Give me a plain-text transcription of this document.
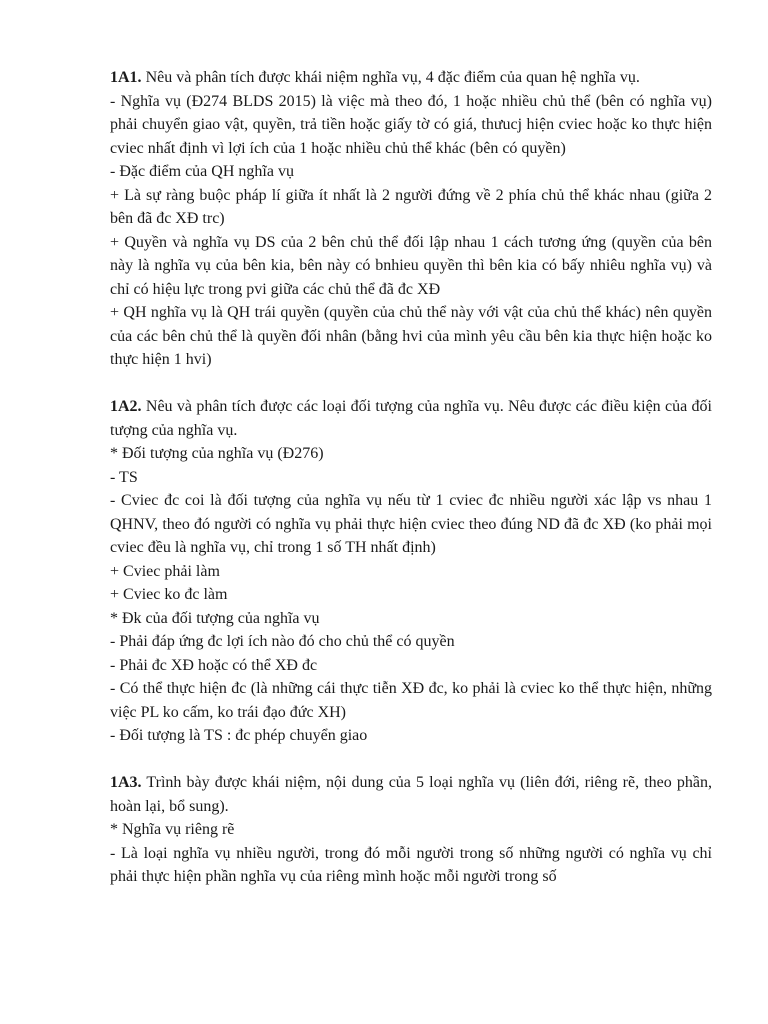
1A1. Nêu và phân tích được khái niệm nghĩa vụ, 4 đặc điểm của quan hệ nghĩa vụ.

- Nghĩa vụ (Đ274 BLDS 2015) là việc mà theo đó, 1 hoặc nhiều chủ thể (bên có nghĩa vụ) phải chuyển giao vật, quyền, trả tiền hoặc giấy tờ có giá, thưucj hiện cviec hoặc ko thực hiện cviec nhất định vì lợi ích của 1 hoặc nhiều chủ thể khác (bên có quyền)

- Đặc điểm của QH nghĩa vụ

+ Là sự ràng buộc pháp lí giữa ít nhất là 2 người đứng về 2 phía chủ thể khác nhau (giữa 2 bên đã đc XĐ trc)

+ Quyền và nghĩa vụ DS của 2 bên chủ thể đối lập nhau 1 cách tương ứng (quyền của bên này là nghĩa vụ của bên kia, bên này có bnhieu quyền thì bên kia có bấy nhiêu nghĩa vụ) và chỉ có hiệu lực trong pvi giữa các chủ thể đã đc XĐ

+ QH nghĩa vụ là QH trái quyền (quyền của chủ thể này với vật của chủ thể khác) nên quyền của các bên chủ thể là quyền đối nhân (bằng hvi của mình yêu cầu bên kia thực hiện hoặc ko thực hiện 1 hvi)

1A2. Nêu và phân tích được các loại đối tượng của nghĩa vụ. Nêu được các điều kiện của đối tượng của nghĩa vụ.

* Đối tượng của nghĩa vụ (Đ276)

- TS

- Cviec đc coi là đối tượng của nghĩa vụ nếu từ 1 cviec đc nhiều người xác lập vs nhau 1 QHNV, theo đó người có nghĩa vụ phải thực hiện cviec theo đúng ND đã đc XĐ (ko phải mọi cviec đều là nghĩa vụ, chỉ trong 1 số TH nhất định)

+ Cviec phải làm

+ Cviec ko đc làm

* Đk của đối tượng của nghĩa vụ

- Phải đáp ứng đc lợi ích nào đó cho chủ thể có quyền

- Phải đc XĐ hoặc có thể XĐ đc

- Có thể thực hiện đc (là những cái thực tiễn XĐ đc, ko phải là cviec ko thể thực hiện, những việc PL ko cấm, ko trái đạo đức XH)

- Đối tượng là TS : đc phép chuyển giao

1A3. Trình bày được khái niệm, nội dung của 5 loại nghĩa vụ (liên đới, riêng rẽ, theo phần, hoàn lại, bổ sung).

* Nghĩa vụ riêng rẽ

- Là loại nghĩa vụ nhiều người, trong đó mỗi người trong số những người có nghĩa vụ chỉ phải thực hiện phần nghĩa vụ của riêng mình hoặc mỗi người trong số
